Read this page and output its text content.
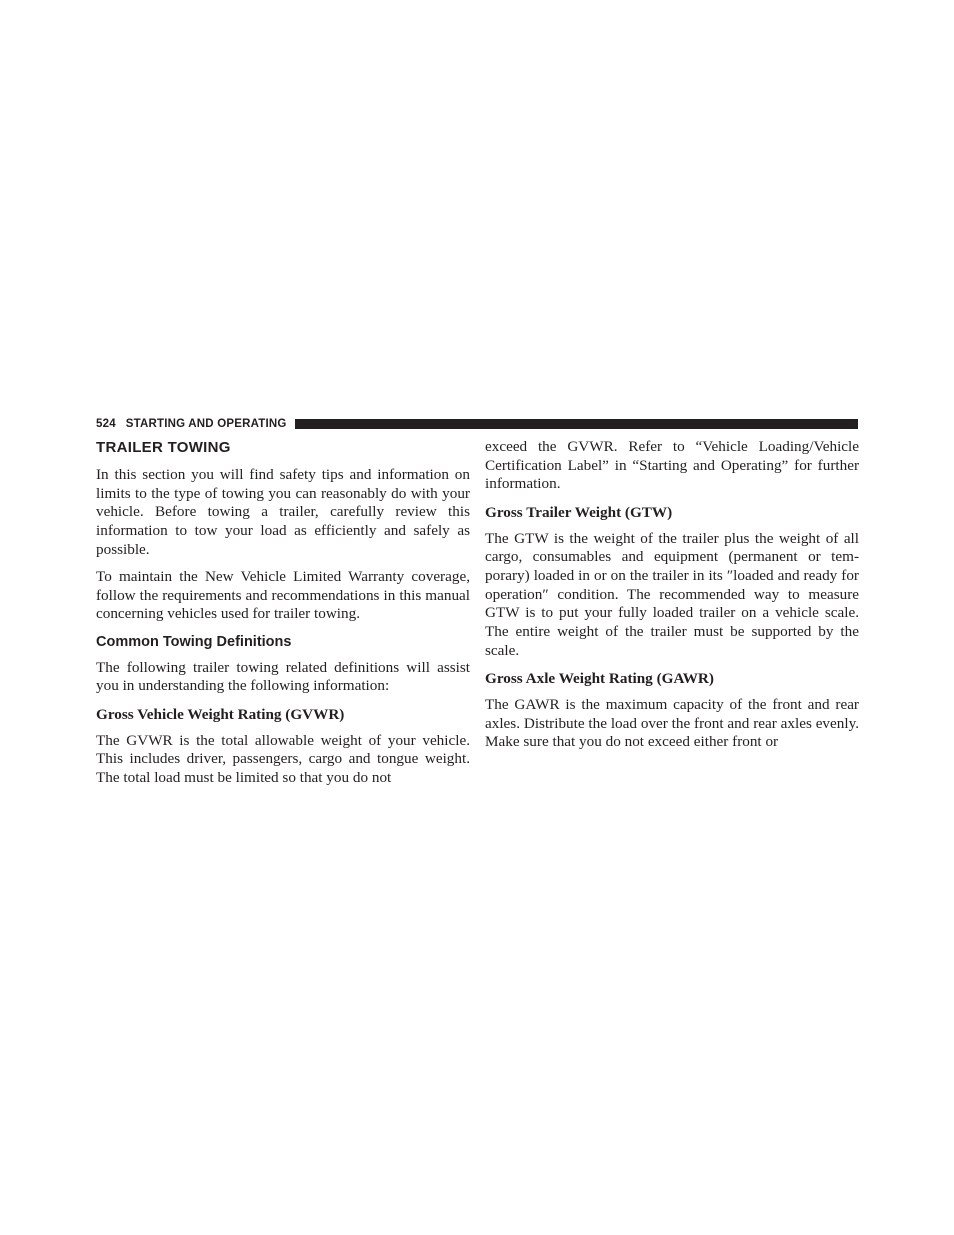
524 STARTING AND OPERATING
TRAILER TOWING

In this section you will find safety tips and information on limits to the type of towing you can reasonably do with your vehicle. Before towing a trailer, carefully review this information to tow your load as efficiently and safely as possible.

To maintain the New Vehicle Limited Warranty coverage, follow the requirements and recommendations in this manual concerning vehicles used for trailer towing.

Common Towing Definitions

The following trailer towing related definitions will assist you in understanding the following information:

Gross Vehicle Weight Rating (GVWR)

The GVWR is the total allowable weight of your vehicle. This includes driver, passengers, cargo and tongue weight. The total load must be limited so that you do not

exceed the GVWR. Refer to “Vehicle Loading/Vehicle Certification Label” in “Starting and Operating” for further information.

Gross Trailer Weight (GTW)

The GTW is the weight of the trailer plus the weight of all cargo, consumables and equipment (permanent or tem- porary) loaded in or on the trailer in its ″loaded and ready for operation″ condition. The recommended way to measure GTW is to put your fully loaded trailer on a vehicle scale. The entire weight of the trailer must be supported by the scale.

Gross Axle Weight Rating (GAWR)

The GAWR is the maximum capacity of the front and rear axles. Distribute the load over the front and rear axles evenly. Make sure that you do not exceed either front or
